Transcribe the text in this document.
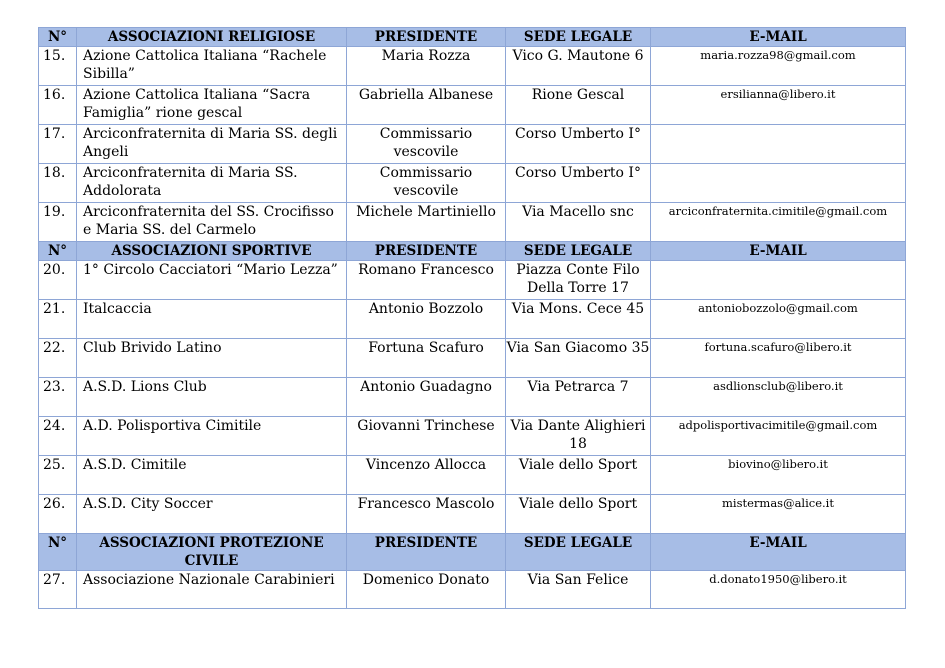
N°	ASSOCIAZIONI RELIGIOSE	PRESIDENTE	SEDE LEGALE	E-MAIL
15.	Azione Cattolica Italiana “Rachele Sibilla”	Maria Rozza	Vico G. Mautone 6	maria.rozza98@gmail.com
16.	Azione Cattolica Italiana “Sacra Famiglia” rione gescal	Gabriella Albanese	Rione Gescal	ersilianna@libero.it
17.	Arciconfraternita di Maria SS. degli Angeli	Commissario vescovile	Corso Umberto I°	
18.	Arciconfraternita di Maria SS. Addolorata	Commissario vescovile	Corso Umberto I°	
19.	Arciconfraternita del SS. Crocifisso e Maria SS. del Carmelo	Michele Martiniello	Via Macello snc	arciconfraternita.cimitile@gmail.com
N°	ASSOCIAZIONI SPORTIVE	PRESIDENTE	SEDE LEGALE	E-MAIL
20.	1° Circolo Cacciatori “Mario Lezza”	Romano Francesco	Piazza Conte Filo Della Torre 17	
21.	Italcaccia	Antonio Bozzolo	Via Mons. Cece 45	antoniobozzolo@gmail.com
22.	Club Brivido Latino	Fortuna Scafuro	Via San Giacomo 35	fortuna.scafuro@libero.it
23.	A.S.D. Lions Club	Antonio Guadagno	Via Petrarca 7	asdlionsclub@libero.it
24.	A.D. Polisportiva Cimitile	Giovanni Trinchese	Via Dante Alighieri 18	adpolisportivacimitile@gmail.com
25.	A.S.D. Cimitile	Vincenzo Allocca	Viale dello Sport	biovino@libero.it
26.	A.S.D. City Soccer	Francesco Mascolo	Viale dello Sport	mistermas@alice.it
N°	ASSOCIAZIONI PROTEZIONE CIVILE	PRESIDENTE	SEDE LEGALE	E-MAIL
27.	Associazione Nazionale Carabinieri	Domenico Donato	Via San Felice	d.donato1950@libero.it
